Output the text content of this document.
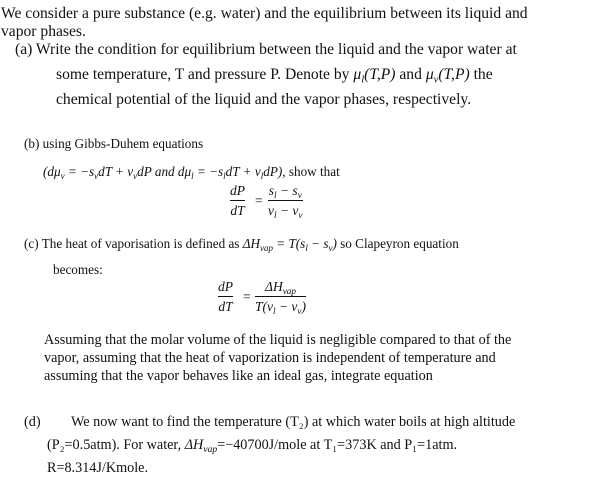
We consider a pure substance (e.g. water) and the equilibrium between its liquid and
vapor phases.
(a) Write the condition for equilibrium between the liquid and the vapor water at
some temperature, T and pressure P. Denote by $\mu_l(T,P)$ and $\mu_v(T,P)$ the
chemical potential of the liquid and the vapor phases, respectively.
(b) using Gibbs-Duhem equations
($d\mu_v = -s_vdT + v_vdP$ and $d\mu_l = -s_ldT + v_ldP$), show that
dP
dT
=
$s_l - s_v$
$v_l - v_v$
(c) The heat of vaporisation is defined as $\Delta H_{vap} = T(s_l - s_v)$ so Clapeyron equation
becomes:
dP
dT
=
$\Delta H_{vap}$
$T(v_l - v_v)$
Assuming that the molar volume of the liquid is negligible compared to that of the
vapor, assuming that the heat of vaporization is independent of temperature and
assuming that the vapor behaves like an ideal gas, integrate equation
(d) We now want to find the temperature (T₂) at which water boils at high altitude
(P₂=0.5atm). For water, $\Delta H_{vap}=-40700J$/mole at T₁=373K and P₁=1atm.
R=8.314J/Kmole.
